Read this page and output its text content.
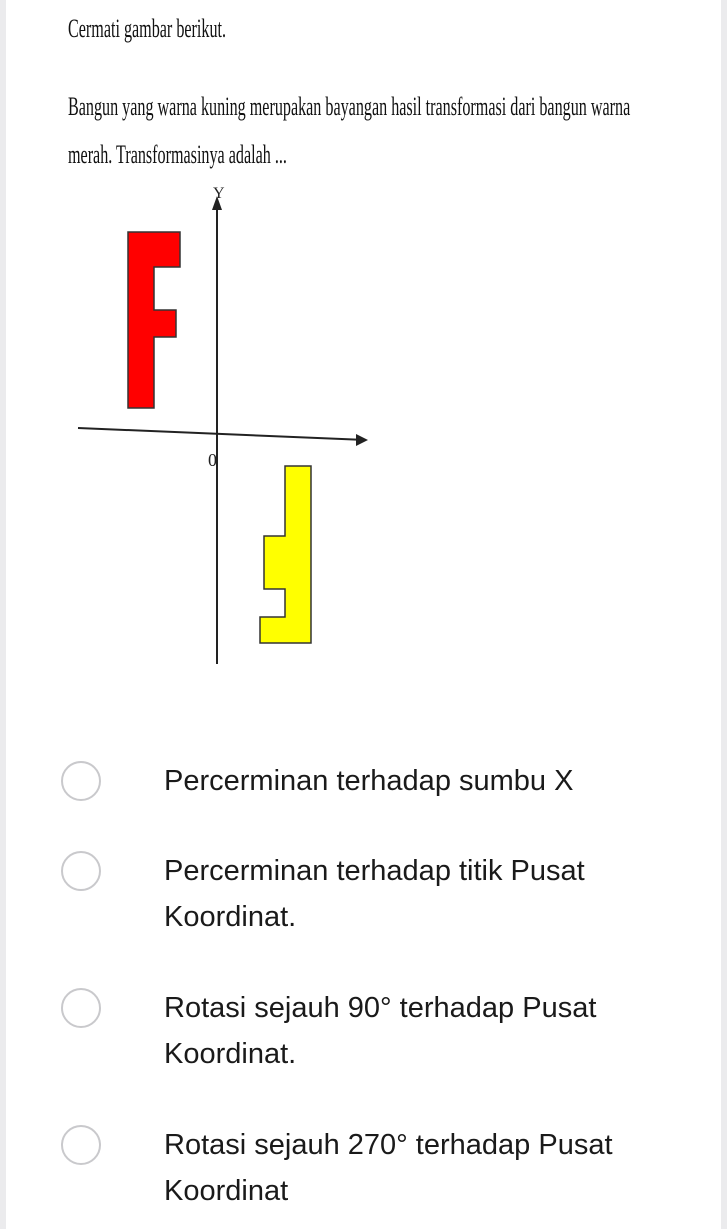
Cermati gambar berikut.
Bangun yang warna kuning merupakan bayangan hasil transformasi dari bangun warna
merah. Transformasinya adalah ...
Y
0
Percerminan terhadap sumbu X
Percerminan terhadap titik Pusat Koordinat.
Rotasi sejauh 90° terhadap Pusat Koordinat.
Rotasi sejauh 270° terhadap Pusat Koordinat
